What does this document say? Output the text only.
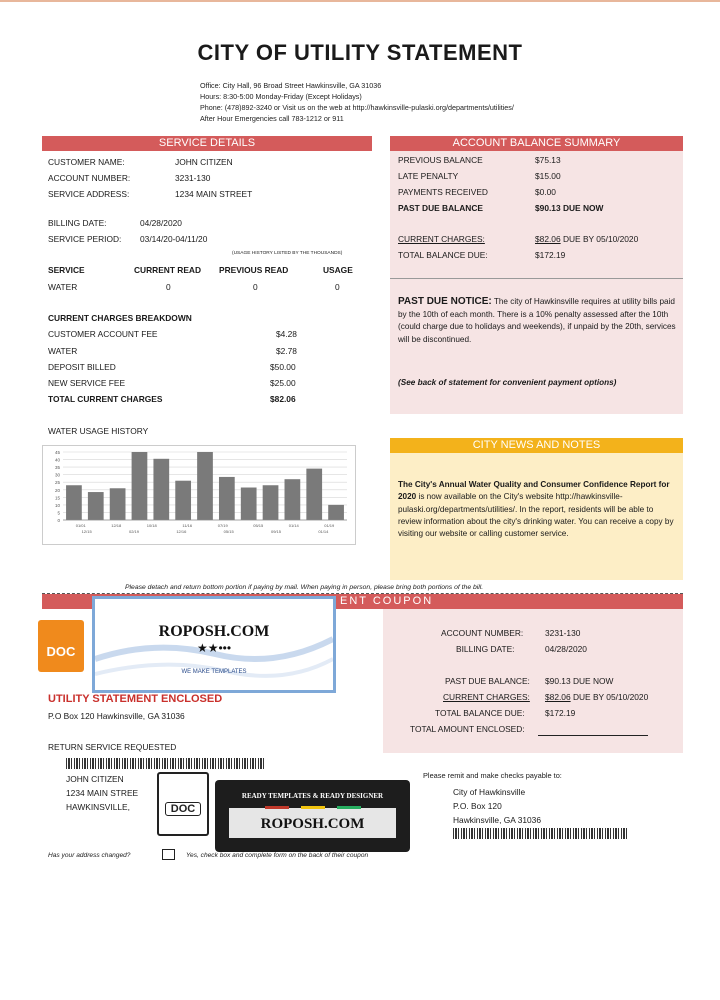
CITY OF UTILITY STATEMENT
Office: City Hall, 96 Broad Street Hawkinsville, GA 31036
Hours: 8:30-5:00 Monday-Friday (Except Holidays)
Phone: (478)892-3240 or Visit us on the web at http://hawkinsville-pulaski.org/departments/utilities/
After Hour Emergencies call 783-1212 or 911
SERVICE DETAILS
CUSTOMER NAME:	JOHN CITIZEN
ACCOUNT NUMBER:	3231-130
SERVICE ADDRESS:	1234 MAIN STREET
BILLING DATE:	04/28/2020
SERVICE PERIOD: 03/14/20-04/11/20
(USAGE HISTORY LISTED BY THE THOUSANDS)
SERVICE	CURRENT READ PREVIOUS READ	USAGE
WATER	0	0	0
CURRENT CHARGES BREAKDOWN
CUSTOMER ACCOUNT FEE	$4.28
WATER	$2.78
DEPOSIT BILLED	$50.00
NEW SERVICE FEE	$25.00
TOTAL CURRENT CHARGES	$82.06
WATER USAGE HISTORY
45
40
35
30
25
20
15
10
5
0
01/01	12/18	10/18	11/16	07/19	05/15	01/14	01/19
12/15	02/19	12/16	05/15	09/15	01/14
ACCOUNT BALANCE SUMMARY
PREVIOUS BALANCE	$75.13
LATE PENALTY	$15.00
PAYMENTS RECEIVED	$0.00
PAST DUE BALANCE	$90.13 DUE NOW
CURRENT CHARGES:	$82.06 DUE BY 05/10/2020
TOTAL BALANCE DUE:	$172.19
PAST DUE NOTICE: The city of Hawkinsville requires at utility bills paid by the 10th of each month. There is a 10% penalty assessed after the 10th (could charge due to holidays and weekends), if unpaid by the 20th, services will be discontinued.
(See back of statement for convenient payment options)
CITY NEWS AND NOTES
The City's Annual Water Quality and Consumer Confidence Report for 2020 is now available on the City's website http://hawkinsville-pulaski.org/departments/utilities/. In the report, residents will be able to review information about the city's drinking water. You can receive a copy by visiting our website or calling customer service.
Please detach and return bottom portion if paying by mail. When paying in person, please bring both portions of the bill.
ENT COUPON
ACCOUNT NUMBER:	3231-130
BILLING DATE:	04/28/2020
PAST DUE BALANCE: $90.13 DUE NOW
CURRENT CHARGES: $82.06 DUE BY 05/10/2020
TOTAL BALANCE DUE: $172.19
TOTAL AMOUNT ENCLOSED:
UTILITY STATEMENT ENCLOSED
P.O Box 120 Hawkinsville, GA 31036
RETURN SERVICE REQUESTED
JOHN CITIZEN
1234 MAIN STREE
HAWKINSVILLE,
Please remit and make checks payable to:
City of Hawkinsville
P.O. Box 120
Hawkinsville, GA 31036
Has your address changed?	Yes, check box and complete form on the back of their coupon
DOC
ROPOSH.COM
★★•••
WE MAKE TEMPLATES
DOC
READY TEMPLATES & READY DESIGNER
ROPOSH.COM
